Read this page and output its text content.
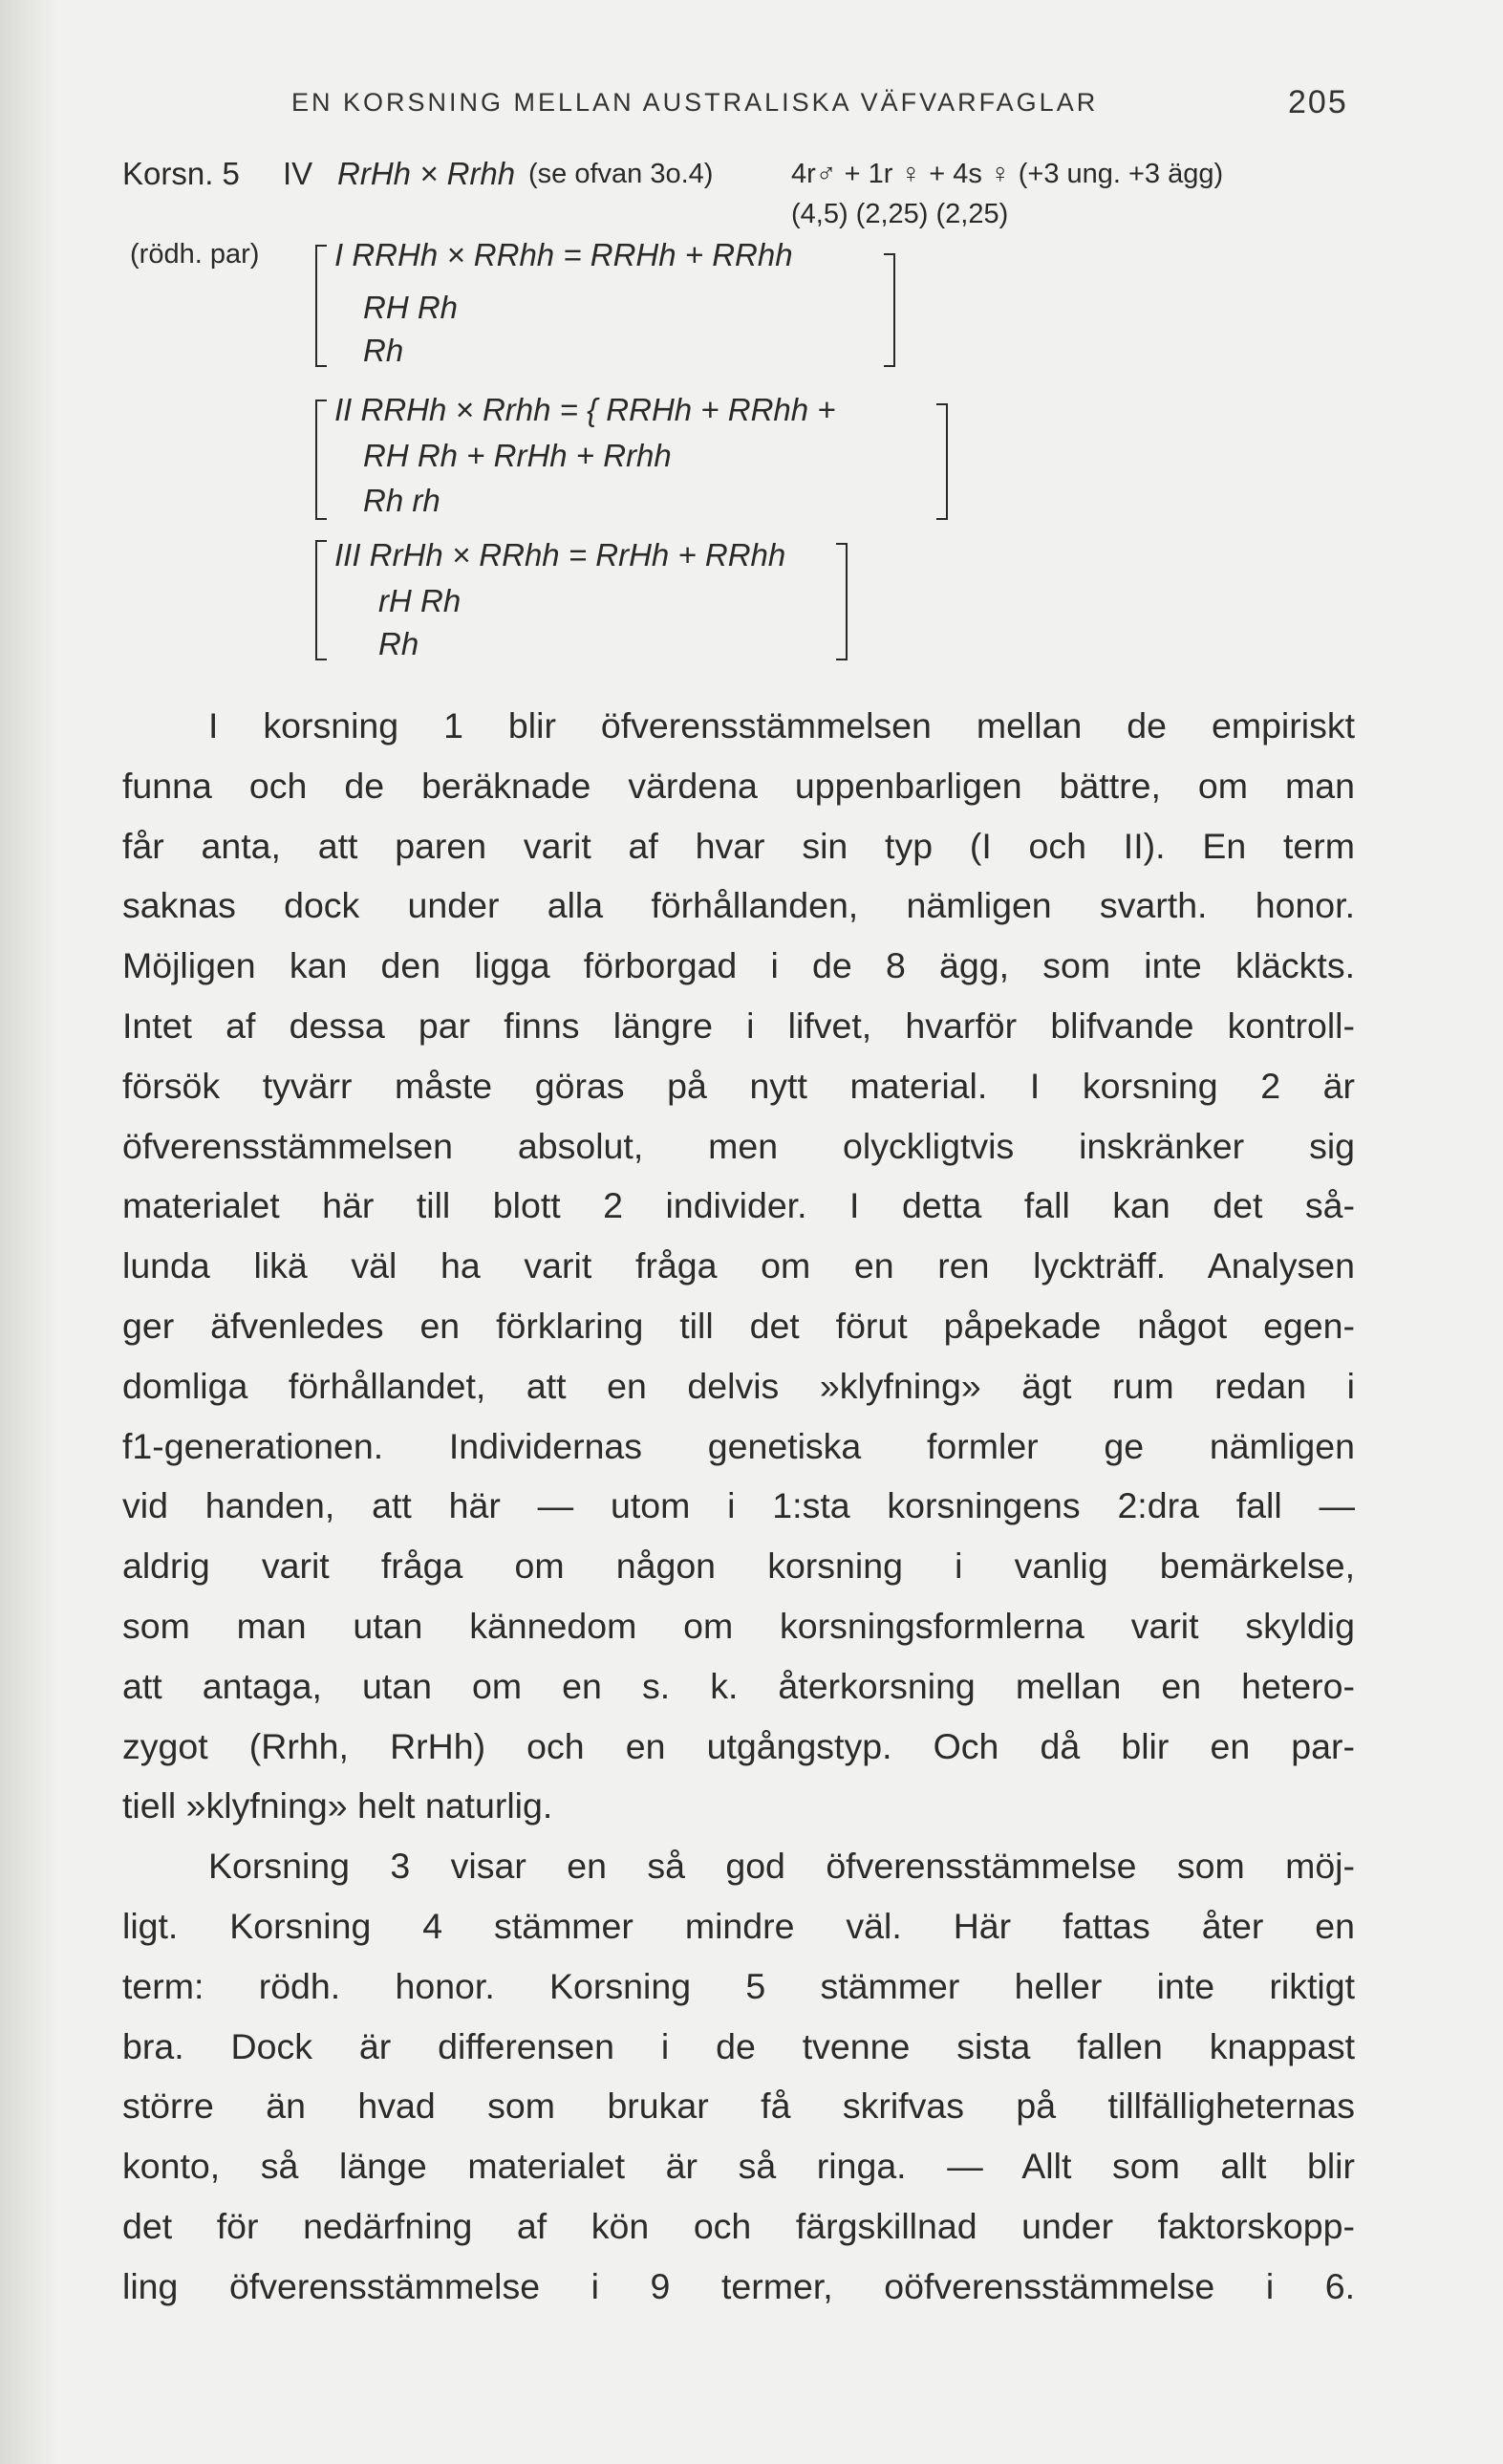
EN KORSNING MELLAN AUSTRALISKA VÄFVARFAGLAR	205
Korsn. 5 IV RrHh × Rrhh (se ofvan 3o.4)	4r♂ + 1r ♀ + 4s ♀ (+3 ung. +3 ägg)
(4,5) (2,25) (2,25)
(rödh. par) I RRHh × RRhh = RRHh + RRhh
RH Rh
Rh
II RRHh × Rrhh = { RRHh + RRhh +
RH Rh + RrHh + Rrhh
Rh rh
III RrHh × RRhh = RrHh + RRhh
rH Rh
Rh
I korsning 1 blir öfverensstämmelsen mellan de empiriskt
funna och de beräknade värdena uppenbarligen bättre, om man
får anta, att paren varit af hvar sin typ (I och II). En term
saknas dock under alla förhållanden, nämligen svarth. honor.
Möjligen kan den ligga förborgad i de 8 ägg, som inte kläckts.
Intet af dessa par finns längre i lifvet, hvarför blifvande kontroll-
försök tyvärr måste göras på nytt material. I korsning 2 är
öfverensstämmelsen absolut, men olyckligtvis inskränker sig
materialet här till blott 2 individer. I detta fall kan det så-
lunda likä väl ha varit fråga om en ren lyckträff. Analysen
ger äfvenledes en förklaring till det förut påpekade något egen-
domliga förhållandet, att en delvis »klyfning» ägt rum redan i
f1-generationen. Individernas genetiska formler ge nämligen
vid handen, att här — utom i 1:sta korsningens 2:dra fall —
aldrig varit fråga om någon korsning i vanlig bemärkelse,
som man utan kännedom om korsningsformlerna varit skyldig
att antaga, utan om en s. k. återkorsning mellan en hetero-
zygot (Rrhh, RrHh) och en utgångstyp. Och då blir en par-
tiell »klyfning» helt naturlig.
Korsning 3 visar en så god öfverensstämmelse som möj-
ligt. Korsning 4 stämmer mindre väl. Här fattas åter en
term: rödh. honor. Korsning 5 stämmer heller inte riktigt
bra. Dock är differensen i de tvenne sista fallen knappast
större än hvad som brukar få skrifvas på tillfälligheternas
konto, så länge materialet är så ringa. — Allt som allt blir
det för nedärfning af kön och färgskillnad under faktorskopp-
ling öfverensstämmelse i 9 termer, oöfverensstämmelse i 6.
